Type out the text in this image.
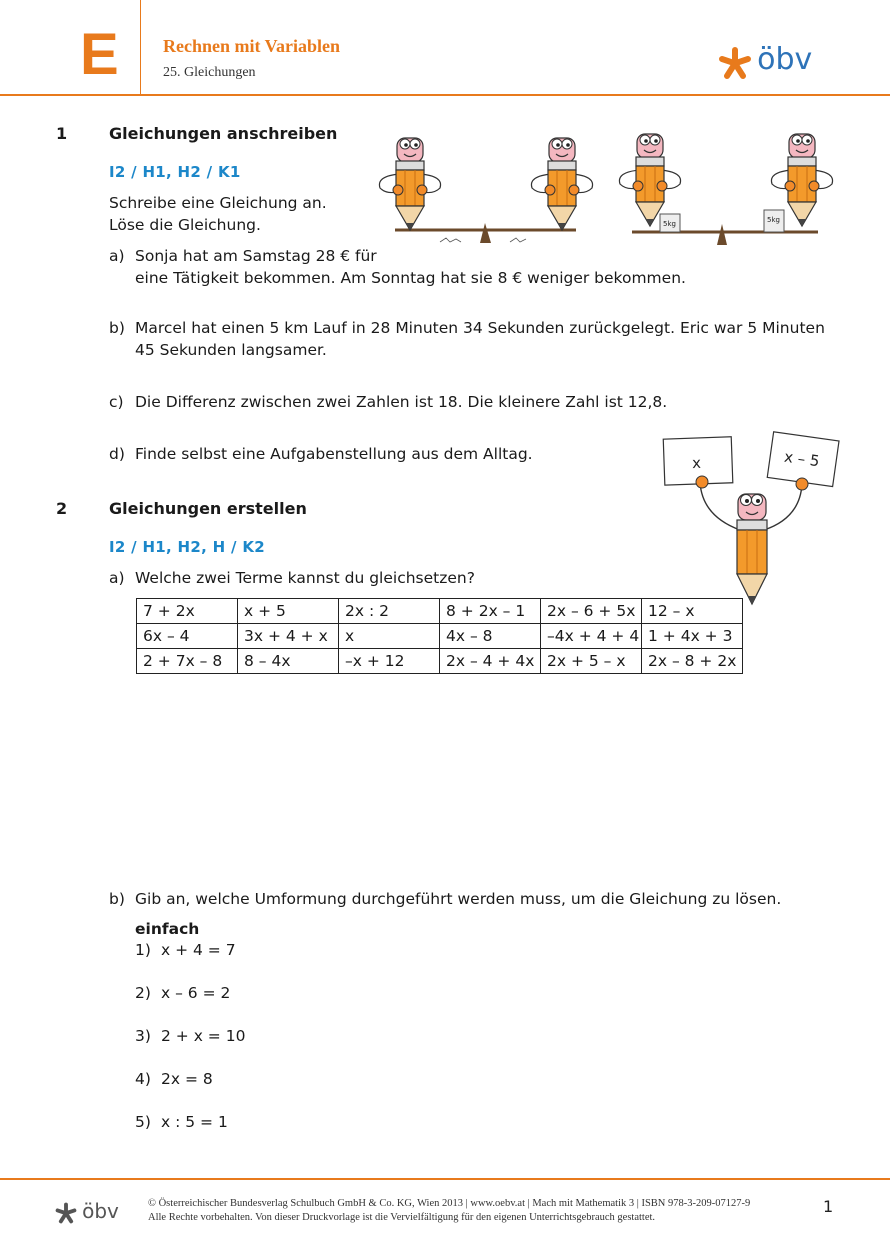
E Rechnen mit Variablen
25. Gleichungen	öbv
1	Gleichungen anschreiben
I2 / H1, H2 / K1
Schreibe eine Gleichung an.
Löse die Gleichung.
a) Sonja hat am Samstag 28 € für
eine Tätigkeit bekommen. Am Sonntag hat sie 8 € weniger bekommen.
b) Marcel hat einen 5 km Lauf in 28 Minuten 34 Sekunden zurückgelegt. Eric war 5 Minuten
45 Sekunden langsamer.
c) Die Differenz zwischen zwei Zahlen ist 18. Die kleinere Zahl ist 12,8.
d) Finde selbst eine Aufgabenstellung aus dem Alltag.
5kg	5kg
2	Gleichungen erstellen
I2 / H1, H2, H / K2
a) Welche zwei Terme kannst du gleichsetzen?
x	x – 5
7 + 2x	x + 5	2x : 2	8 + 2x – 1	2x – 6 + 5x	12 – x
6x – 4	3x + 4 + x	x	4x – 8	–4x + 4 + 4	1 + 4x + 3
2 + 7x – 8	8 – 4x	–x + 12	2x – 4 + 4x	2x + 5 – x	2x – 8 + 2x
b) Gib an, welche Umformung durchgeführt werden muss, um die Gleichung zu lösen.
einfach
1) x + 4 = 7
2) x – 6 = 2
3) 2 + x = 10
4) 2x = 8
5) x : 5 = 1
öbv	© Österreichischer Bundesverlag Schulbuch GmbH & Co. KG, Wien 2013 | www.oebv.at | Mach mit Mathematik 3 | ISBN 978-3-209-07127-9
Alle Rechte vorbehalten. Von dieser Druckvorlage ist die Vervielfältigung für den eigenen Unterrichtsgebrauch gestattet.
1
